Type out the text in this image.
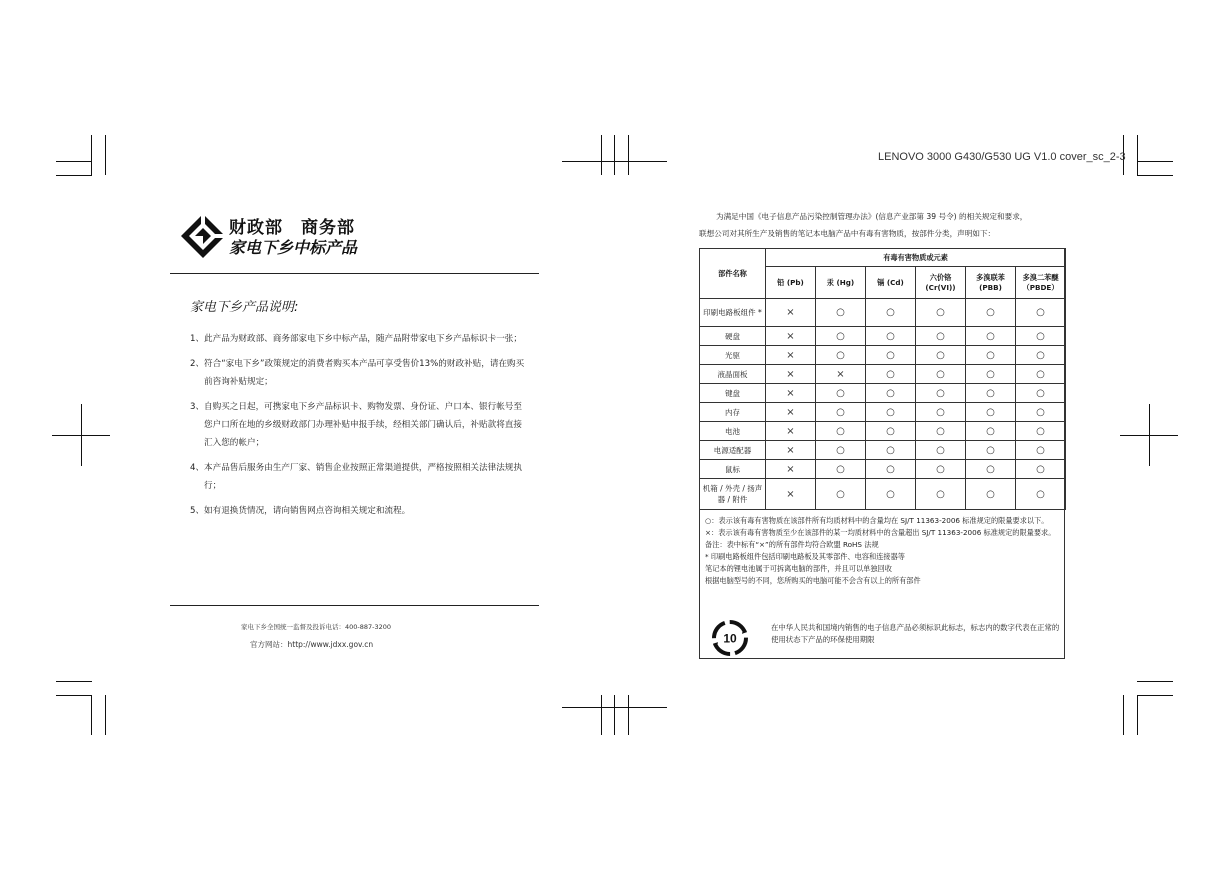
LENOVO 3000 G430/G530 UG V1.0 cover_sc_2-3
财政部　商务部
家电下乡中标产品
家电下乡产品说明:
1、 此产品为财政部、商务部家电下乡中标产品，随产品附带家电下乡产品标识卡一张；
2、 符合“家电下乡”政策规定的消费者购买本产品可享受售价13%的财政补贴，请在购买前咨询补贴规定；
3、 自购买之日起，可携家电下乡产品标识卡、购物发票、身份证、户口本、银行帐号至您户口所在地的乡级财政部门办理补贴申报手续，经相关部门确认后，补贴款将直接汇入您的帐户；
4、 本产品售后服务由生产厂家、销售企业按照正常渠道提供，严格按照相关法律法规执行；
5、 如有退换货情况，请向销售网点咨询相关规定和流程。
家电下乡全国统一监督及投诉电话：400-887-3200
官方网站：http://www.jdxx.gov.cn
为满足中国《电子信息产品污染控制管理办法》(信息产业部第 39 号令) 的相关规定和要求，
联想公司对其所生产及销售的笔记本电脑产品中有毒有害物质，按部件分类，声明如下：
部件名称	有毒有害物质或元素					
	铅 (Pb)	汞 (Hg)	镉 (Cd)	六价铬 (Cr(VI))	多溴联苯 (PBB)	多溴二苯醚（PBDE）
印刷电路板组件 *	×	○	○	○	○	○
硬盘	×	○	○	○	○	○
光驱	×	○	○	○	○	○
液晶面板	×	×	○	○	○	○
键盘	×	○	○	○	○	○
内存	×	○	○	○	○	○
电池	×	○	○	○	○	○
电源适配器	×	○	○	○	○	○
鼠标	×	○	○	○	○	○
机箱 / 外壳 / 扬声器 / 附件	×	○	○	○	○	○
○：表示该有毒有害物质在该部件所有均质材料中的含量均在 SJ/T 11363-2006 标准规定的限量要求以下。
×：表示该有毒有害物质至少在该部件的某一均质材料中的含量超出 SJ/T 11363-2006 标准规定的限量要求。
备注：表中标有“×”的所有部件均符合欧盟 RoHS 法规
* 印刷电路板组件包括印刷电路板及其零部件、电容和连接器等
笔记本的锂电池属于可拆离电脑的部件，并且可以单独回收
根据电脑型号的不同，您所购买的电脑可能不会含有以上的所有部件
10
在中华人民共和国境内销售的电子信息产品必须标识此标志，标志内的数字代表在正常的使用状态下产品的环保使用期限
